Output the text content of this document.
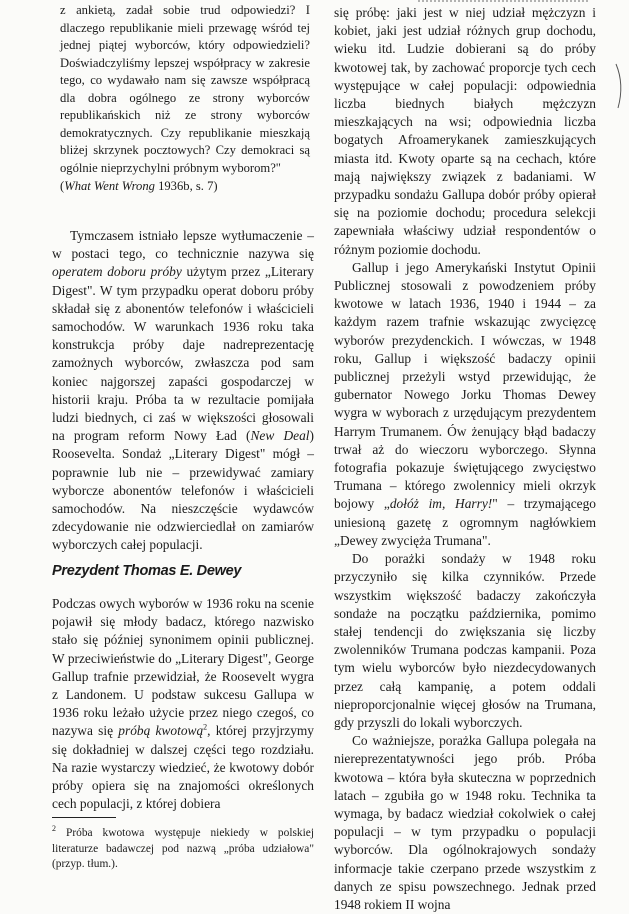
z ankietą, zadał sobie trud odpowiedzi? I dlaczego republikanie mieli przewagę wśród tej jednej piątej wyborców, który odpowiedzieli? Doświadczyliśmy lepszej współpracy w zakresie tego, co wydawało nam się zawsze współpracą dla dobra ogólnego ze strony wyborców republikańskich niż ze strony wyborców demokratycznych. Czy republikanie mieszkają bliżej skrzynek pocztowych? Czy demokraci są ogólnie nieprzychylni próbnym wyborom?"

(What Went Wrong 1936b, s. 7)

Tymczasem istniało lepsze wytłumaczenie – w postaci tego, co technicznie nazywa się operatem doboru próby użytym przez „Literary Digest". W tym przypadku operat doboru próby składał się z abonentów telefonów i właścicieli samochodów. W warunkach 1936 roku taka konstrukcja próby daje nadreprezentację zamożnych wyborców, zwłaszcza pod sam koniec najgorszej zapaści gospodarczej w historii kraju. Próba ta w rezultacie pomijała ludzi biednych, ci zaś w większości głosowali na program reform Nowy Ład (New Deal) Roosevelta. Sondaż „Literary Digest" mógł – poprawnie lub nie – przewidywać zamiary wyborcze abonentów telefonów i właścicieli samochodów. Na nieszczęście wydawców zdecydowanie nie odzwierciedlał on zamiarów wyborczych całej populacji.

Prezydent Thomas E. Dewey

Podczas owych wyborów w 1936 roku na scenie pojawił się młody badacz, którego nazwisko stało się później synonimem opinii publicznej. W przeciwieństwie do „Literary Digest", George Gallup trafnie przewidział, że Roosevelt wygra z Landonem. U podstaw sukcesu Gallupa w 1936 roku leżało użycie przez niego czegoś, co nazywa się próbą kwotową$^2$, której przyjrzymy się dokładniej w dalszej części tego rozdziału. Na razie wystarczy wiedzieć, że kwotowy dobór próby opiera się na znajomości określonych cech populacji, z której dobiera

$^2$ Próba kwotowa występuje niekiedy w polskiej literaturze badawczej pod nazwą „próba udziałowa" (przyp. tłum.).

się próbę: jaki jest w niej udział mężczyzn i kobiet, jaki jest udział różnych grup dochodu, wieku itd. Ludzie dobierani są do próby kwotowej tak, by zachować proporcje tych cech występujące w całej populacji: odpowiednia liczba biednych białych mężczyzn mieszkających na wsi; odpowiednia liczba bogatych Afroamerykanek zamieszkujących miasta itd. Kwoty oparte są na cechach, które mają największy związek z badaniami. W przypadku sondażu Gallupa dobór próby opierał się na poziomie dochodu; procedura selekcji zapewniała właściwy udział respondentów o różnym poziomie dochodu.

Gallup i jego Amerykański Instytut Opinii Publicznej stosowali z powodzeniem próby kwotowe w latach 1936, 1940 i 1944 – za każdym razem trafnie wskazując zwycięzcę wyborów prezydenckich. I wówczas, w 1948 roku, Gallup i większość badaczy opinii publicznej przeżyli wstyd przewidując, że gubernator Nowego Jorku Thomas Dewey wygra w wyborach z urzędującym prezydentem Harrym Trumanem. Ów żenujący błąd badaczy trwał aż do wieczoru wyborczego. Słynna fotografia pokazuje świętującego zwycięstwo Trumana – którego zwolennicy mieli okrzyk bojowy „dołóż im, Harry!" – trzymającego uniesioną gazetę z ogromnym nagłówkiem „Dewey zwycięża Trumana".

Do porażki sondaży w 1948 roku przyczyniło się kilka czynników. Przede wszystkim większość badaczy zakończyła sondaże na początku października, pomimo stałej tendencji do zwiększania się liczby zwolenników Trumana podczas kampanii. Poza tym wielu wyborców było niezdecydowanych przez całą kampanię, a potem oddali nieproporcjonalnie więcej głosów na Trumana, gdy przyszli do lokali wyborczych.

Co ważniejsze, porażka Gallupa polegała na niereprezentatywności jego prób. Próba kwotowa – która była skuteczna w poprzednich latach – zgubiła go w 1948 roku. Technika ta wymaga, by badacz wiedział cokolwiek o całej populacji – w tym przypadku o populacji wyborców. Dla ogólnokrajowych sondaży informacje takie czerpano przede wszystkim z danych ze spisu powszechnego. Jednak przed 1948 rokiem II wojna
